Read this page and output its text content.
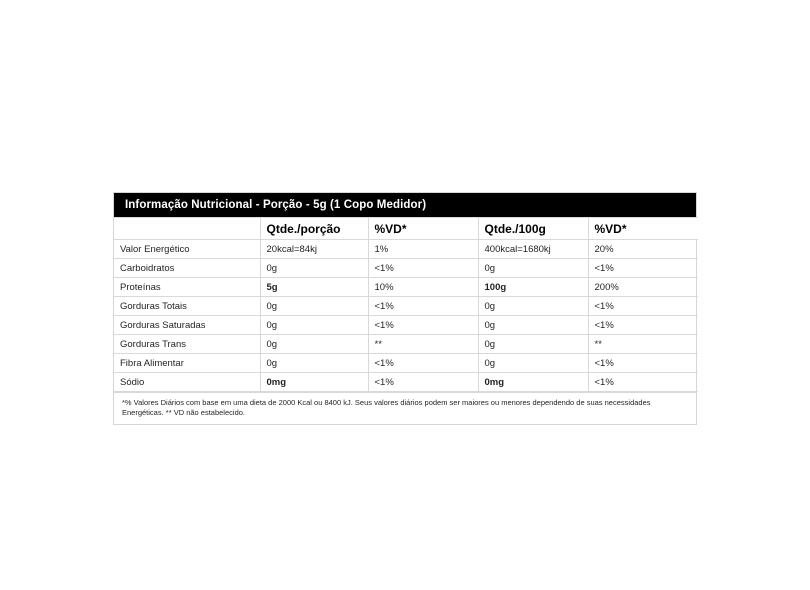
Informação Nutricional - Porção - 5g (1 Copo Medidor)
	Qtde./porção	%VD*	Qtde./100g	%VD*
Valor Energético	20kcal=84kj	1%	400kcal=1680kj	20%
Carboidratos	0g	<1%	0g	<1%
Proteínas	5g	10%	100g	200%
Gorduras Totais	0g	<1%	0g	<1%
Gorduras Saturadas	0g	<1%	0g	<1%
Gorduras Trans	0g	**	0g	**
Fibra Alimentar	0g	<1%	0g	<1%
Sódio	0mg	<1%	0mg	<1%
*% Valores Diários com base em uma dieta de 2000 Kcal ou 8400 kJ. Seus valores diários podem ser maiores ou menores dependendo de suas necessidades
Energéticas. ** VD não estabelecido.
